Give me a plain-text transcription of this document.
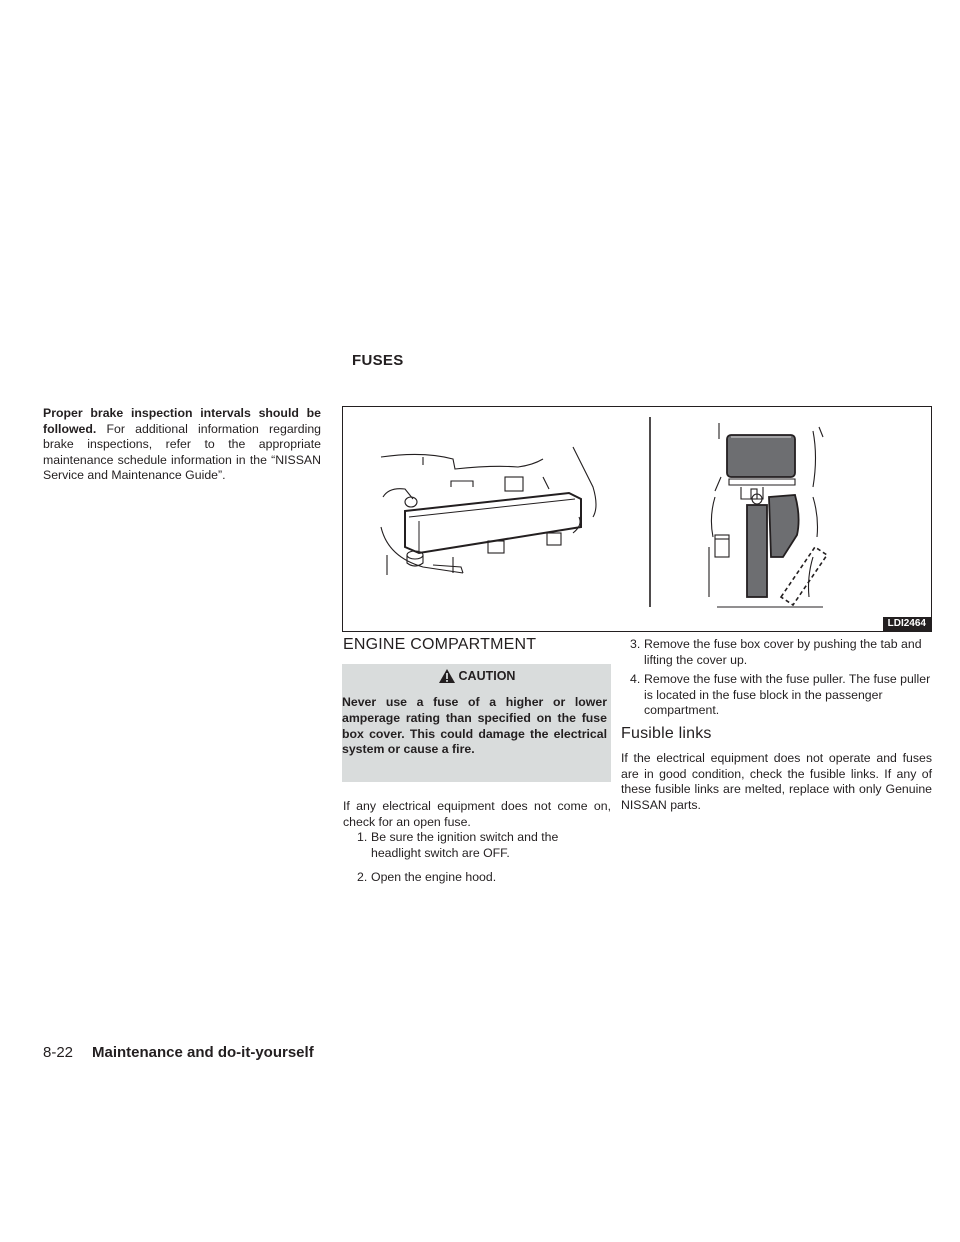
FUSES
Proper brake inspection intervals should be followed. For additional information regarding brake inspections, refer to the appropriate maintenance schedule information in the “NISSAN Service and Maintenance Guide”.
LDI2464
ENGINE COMPARTMENT
CAUTION
Never use a fuse of a higher or lower amperage rating than specified on the fuse box cover. This could damage the electrical system or cause a fire.
If any electrical equipment does not come on, check for an open fuse.
1. Be sure the ignition switch and the headlight switch are OFF.
2. Open the engine hood.
3. Remove the fuse box cover by pushing the tab and lifting the cover up.
4. Remove the fuse with the fuse puller. The fuse puller is located in the fuse block in the passenger compartment.
Fusible links
If the electrical equipment does not operate and fuses are in good condition, check the fusible links. If any of these fusible links are melted, replace with only Genuine NISSAN parts.
8-22 Maintenance and do-it-yourself
